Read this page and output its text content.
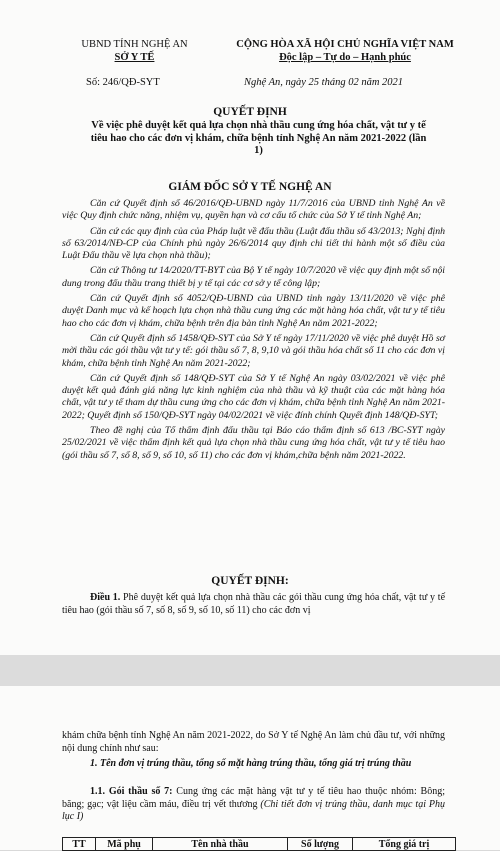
UBND TỈNH NGHỆ AN
SỞ Y TẾ
CỘNG HÒA XÃ HỘI CHỦ NGHĨA VIỆT NAM
Độc lập – Tự do – Hạnh phúc
Số: 246/QĐ-SYT	Nghệ An, ngày 25 tháng 02 năm 2021
QUYẾT ĐỊNH
Về việc phê duyệt kết quả lựa chọn nhà thầu cung ứng hóa chất, vật tư y tế tiêu hao cho các đơn vị khám, chữa bệnh tỉnh Nghệ An năm 2021-2022 (lần 1)
GIÁM ĐỐC SỞ Y TẾ NGHỆ AN

Căn cứ Quyết định số 46/2016/QĐ-UBND ngày 11/7/2016 của UBND tỉnh Nghệ An về việc Quy định chức năng, nhiệm vụ, quyền hạn và cơ cấu tổ chức của Sở Y tế tỉnh Nghệ An;

Căn cứ các quy định của của Pháp luật về đấu thầu (Luật đấu thầu số 43/2013; Nghị định số 63/2014/NĐ-CP của Chính phủ ngày 26/6/2014 quy định chi tiết thi hành một số điều của Luật Đấu thầu về lựa chọn nhà thầu);

Căn cứ Thông tư 14/2020/TT-BYT của Bộ Y tế ngày 10/7/2020 về việc quy định một số nội dung trong đấu thầu trang thiết bị y tế tại các cơ sở y tế công lập;

Căn cứ Quyết định số 4052/QĐ-UBND của UBND tỉnh ngày 13/11/2020 về việc phê duyệt Danh mục và kế hoạch lựa chọn nhà thầu cung ứng các mặt hàng hóa chất, vật tư y tế tiêu hao cho các đơn vị khám, chữa bệnh trên địa bàn tỉnh Nghệ An năm 2021-2022;

Căn cứ Quyết định số 1458/QĐ-SYT của Sở Y tế ngày 17/11/2020 về việc phê duyệt Hồ sơ mời thầu các gói thầu vật tư y tế: gói thầu số 7, 8, 9,10 và gói thầu hóa chất số 11 cho các đơn vị khám, chữa bệnh tỉnh Nghệ An năm 2021-2022;

Căn cứ Quyết định số 148/QĐ-SYT của Sở Y tế Nghệ An ngày 03/02/2021 về việc phê duyệt kết quả đánh giá năng lực kinh nghiệm của nhà thầu và kỹ thuật của các mặt hàng hóa chất, vật tư y tế tham dự thầu cung ứng cho các đơn vị khám, chữa bệnh tỉnh Nghệ An năm 2021-2022; Quyết định số 150/QĐ-SYT ngày 04/02/2021 về việc đính chính Quyết định 148/QĐ-SYT;

Theo đề nghị của Tổ thẩm định đấu thầu tại Báo cáo thẩm định số 613 /BC-SYT ngày 25/02/2021 về việc thẩm định kết quả lựa chọn nhà thầu cung ứng hóa chất, vật tư y tế tiêu hao (gói thầu số 7, số 8, số 9, số 10, số 11) cho các đơn vị khám,chữa bệnh năm 2021-2022.

QUYẾT ĐỊNH:
Điều 1. Phê duyệt kết quả lựa chọn nhà thầu các gói thầu cung ứng hóa chất, vật tư y tế tiêu hao (gói thầu số 7, số 8, số 9, số 10, số 11) cho các đơn vị
khám chữa bệnh tỉnh Nghệ An năm 2021-2022, do Sở Y tế Nghệ An làm chủ đầu tư, với những nội dung chính như sau:
1. Tên đơn vị trúng thầu, tổng số mặt hàng trúng thầu, tổng giá trị trúng thầu
1.1. Gói thầu số 7: Cung ứng các mặt hàng vật tư y tế tiêu hao thuộc nhóm: Bông; băng; gạc; vật liệu cầm máu, điều trị vết thương (Chi tiết đơn vị trúng thầu, danh mục tại Phụ lục I)
TT	Mã phụ	Tên nhà thầu	Số lượng	Tổng giá trị
